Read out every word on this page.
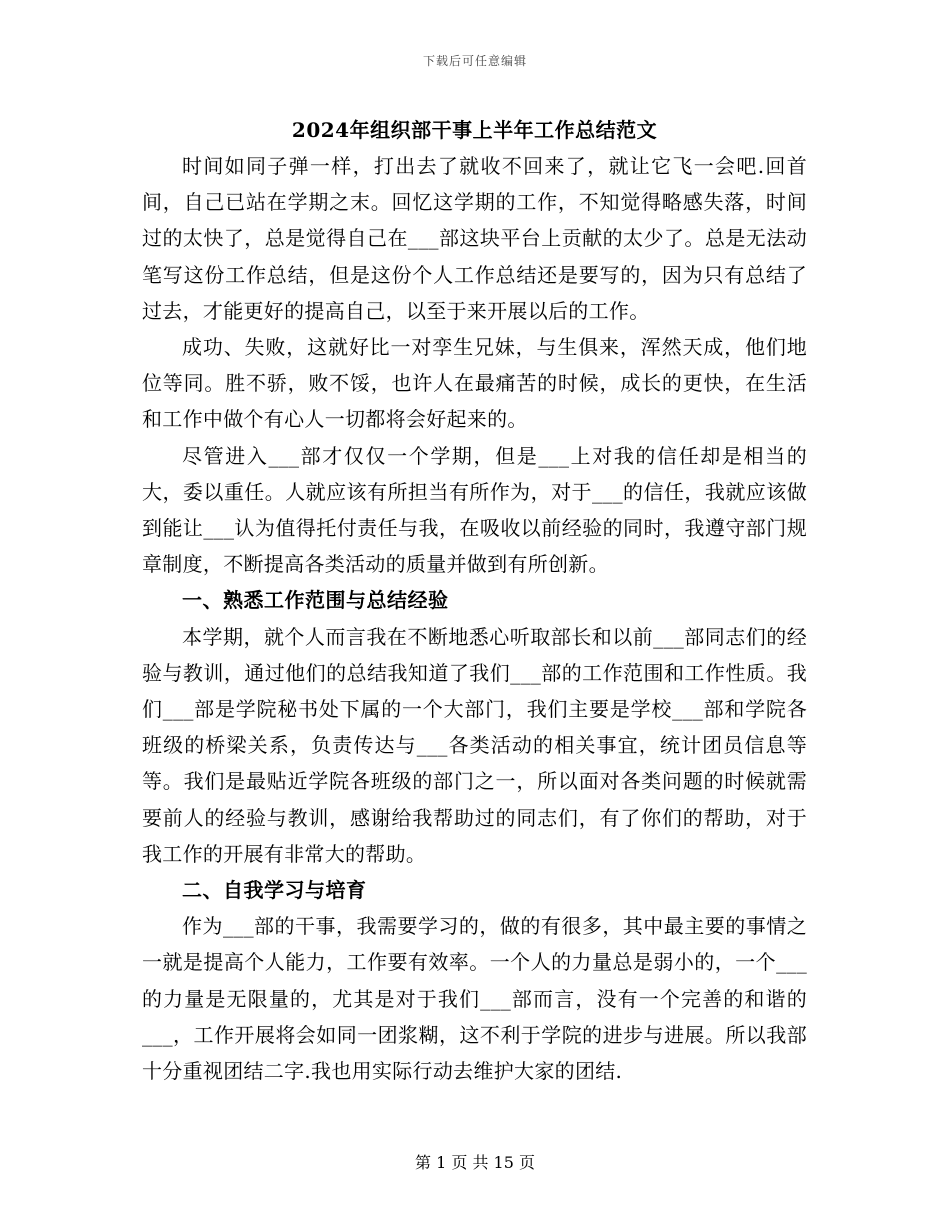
下载后可任意编辑
2024年组织部干事上半年工作总结范文

时间如同子弹一样，打出去了就收不回来了，就让它飞一会吧.回首间，自己已站在学期之末。回忆这学期的工作，不知觉得略感失落，时间过的太快了，总是觉得自己在___部这块平台上贡献的太少了。总是无法动笔写这份工作总结，但是这份个人工作总结还是要写的，因为只有总结了过去，才能更好的提高自己，以至于来开展以后的工作。

成功、失败，这就好比一对孪生兄妹，与生俱来，浑然天成，他们地位等同。胜不骄，败不馁，也许人在最痛苦的时候，成长的更快，在生活和工作中做个有心人一切都将会好起来的。

尽管进入___部才仅仅一个学期，但是___上对我的信任却是相当的大，委以重任。人就应该有所担当有所作为，对于___的信任，我就应该做到能让___认为值得托付责任与我，在吸收以前经验的同时，我遵守部门规章制度，不断提高各类活动的质量并做到有所创新。

一、熟悉工作范围与总结经验

本学期，就个人而言我在不断地悉心听取部长和以前___部同志们的经验与教训，通过他们的总结我知道了我们___部的工作范围和工作性质。我们___部是学院秘书处下属的一个大部门，我们主要是学校___部和学院各班级的桥梁关系，负责传达与___各类活动的相关事宜，统计团员信息等等。我们是最贴近学院各班级的部门之一，所以面对各类问题的时候就需要前人的经验与教训，感谢给我帮助过的同志们，有了你们的帮助，对于我工作的开展有非常大的帮助。

二、自我学习与培育

作为___部的干事，我需要学习的，做的有很多，其中最主要的事情之一就是提高个人能力，工作要有效率。一个人的力量总是弱小的，一个___的力量是无限量的，尤其是对于我们___部而言，没有一个完善的和谐的___，工作开展将会如同一团浆糊，这不利于学院的进步与进展。所以我部十分重视团结二字.我也用实际行动去维护大家的团结.

第 1 页 共 15 页
